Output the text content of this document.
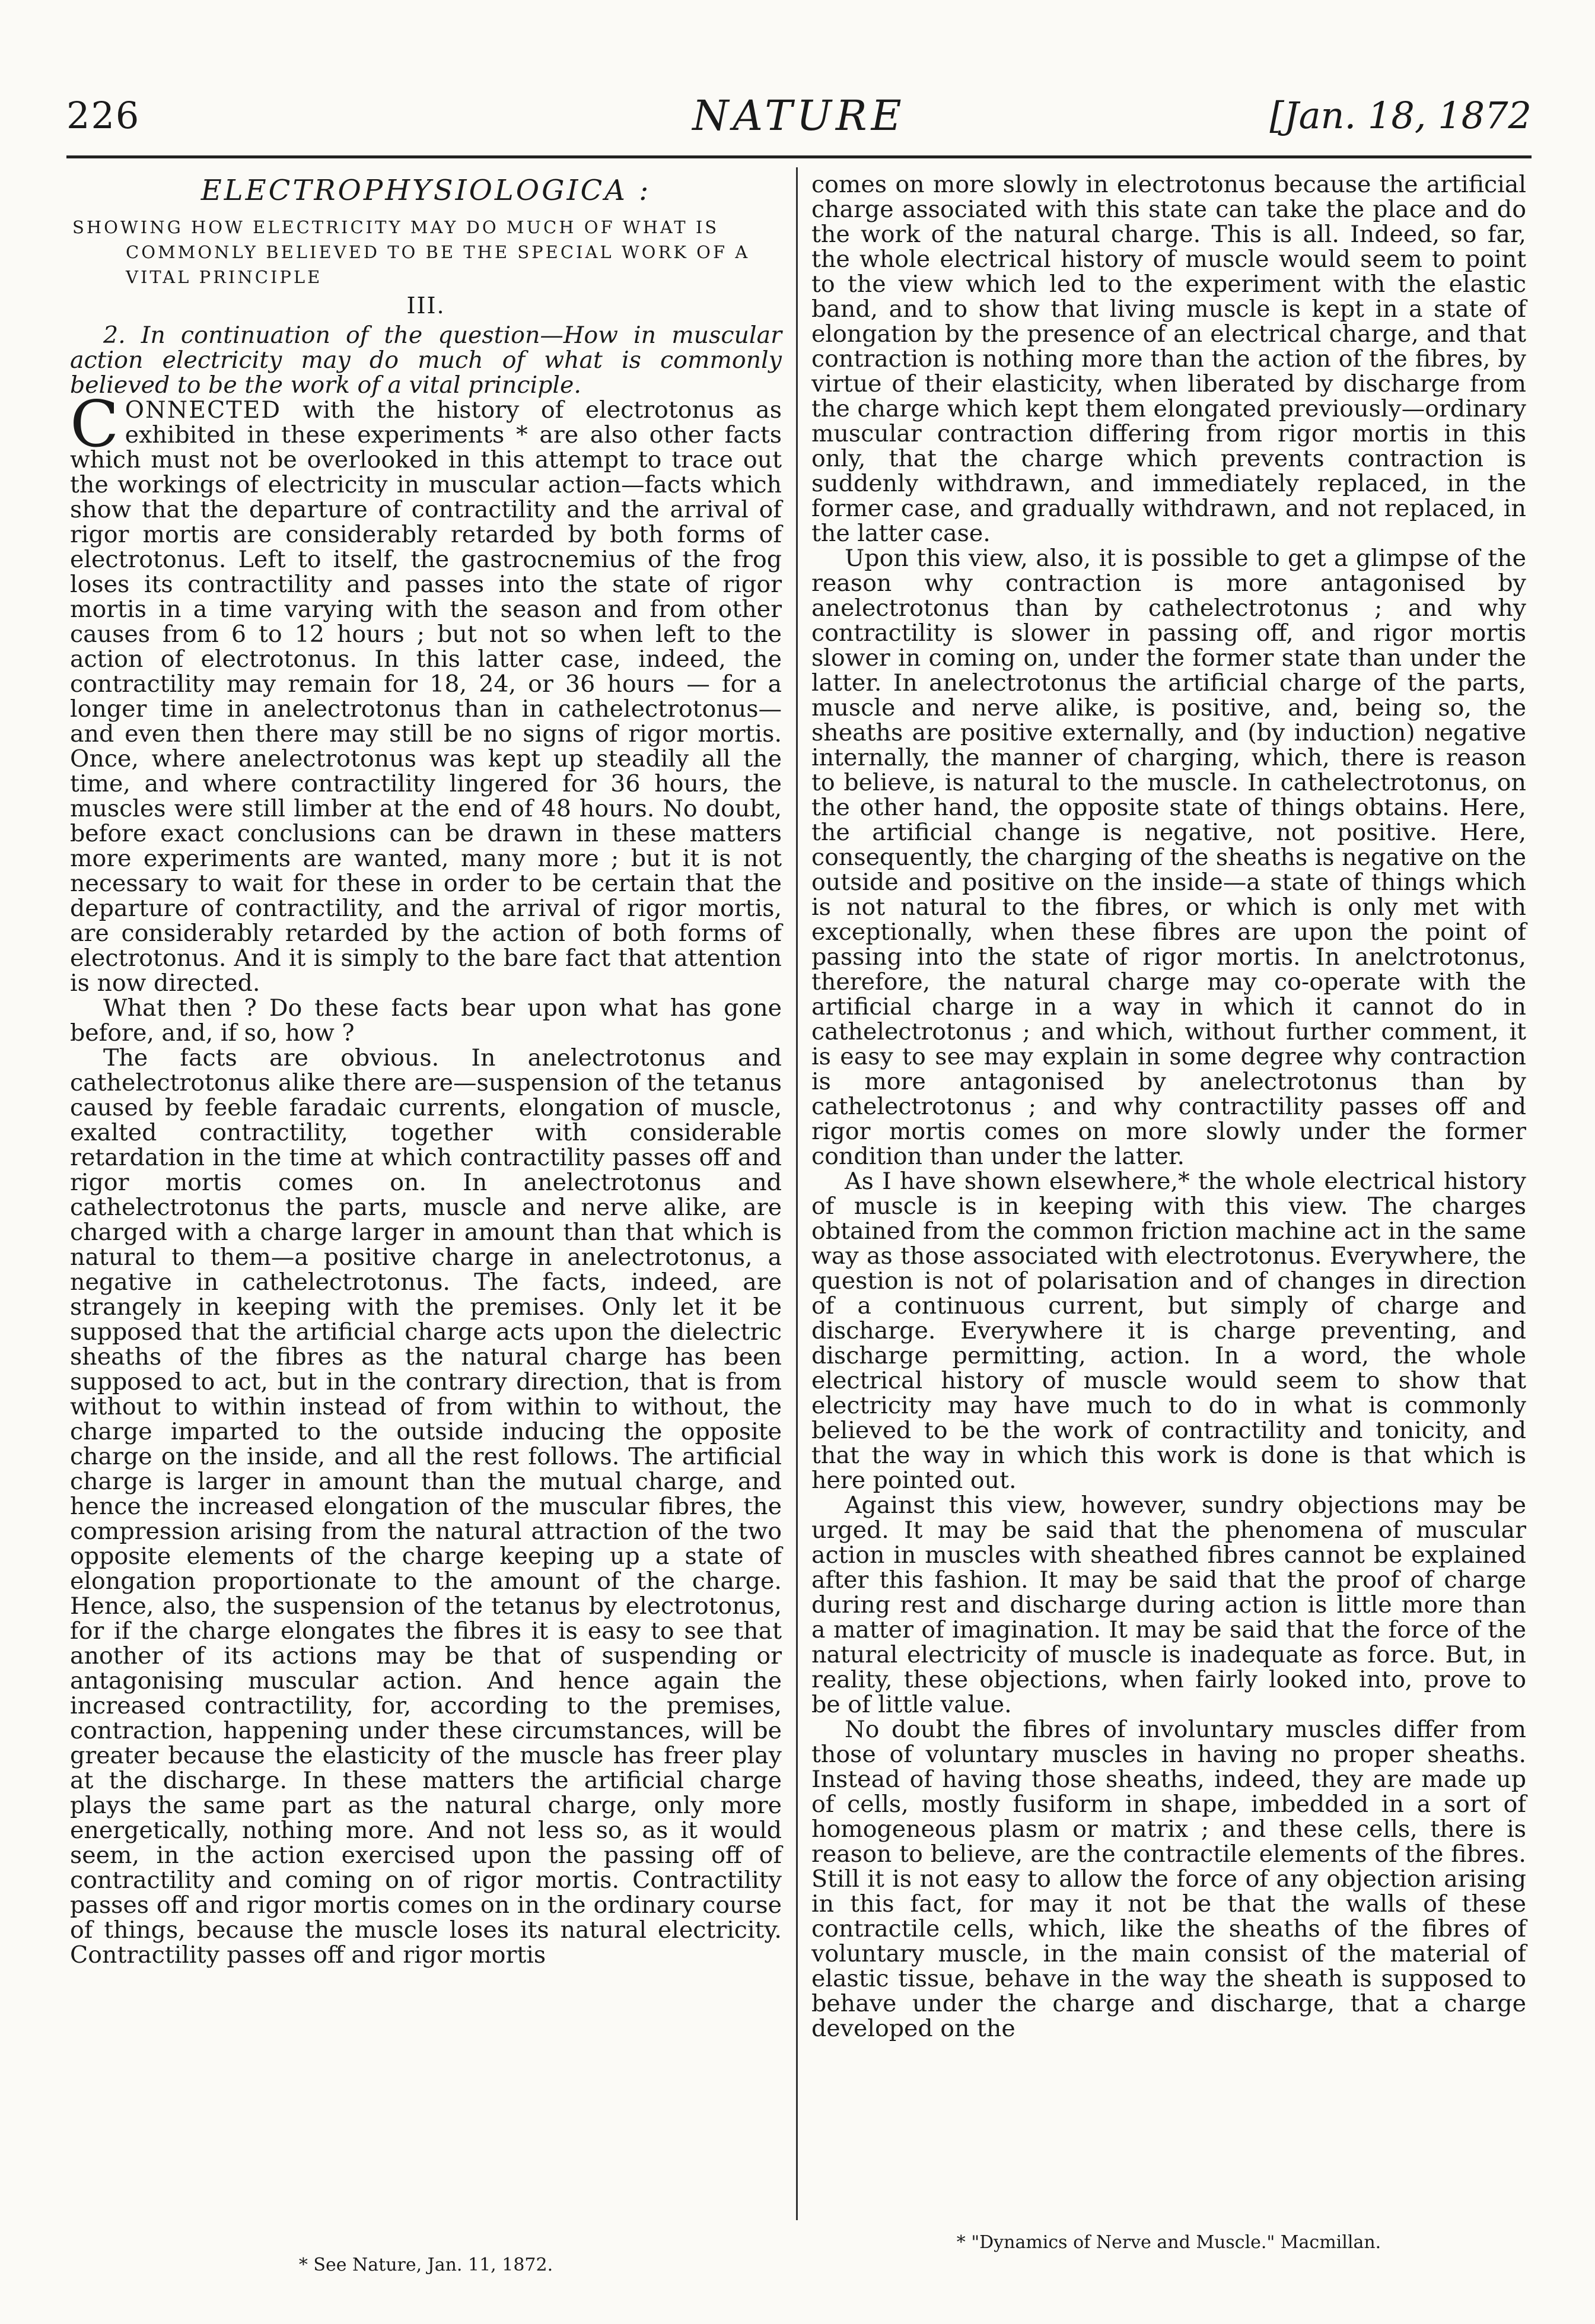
226	NATURE	[Jan. 18, 1872
ELECTROPHYSIOLOGICA :
SHOWING HOW ELECTRICITY MAY DO MUCH OF WHAT IS

COMMONLY BELIEVED TO BE THE SPECIAL WORK OF A
VITAL PRINCIPLE
III.

2. In continuation of the question—How in muscular action electricity may do much of what is commonly believed to be the work of a vital principle.

CONNECTED with the history of electrotonus as exhibited in these experiments * are also other facts which must not be overlooked in this attempt to trace out the workings of electricity in muscular action—facts which show that the departure of contractility and the arrival of rigor mortis are considerably retarded by both forms of electrotonus. Left to itself, the gastrocnemius of the frog loses its contractility and passes into the state of rigor mortis in a time varying with the season and from other causes from 6 to 12 hours ; but not so when left to the action of electrotonus. In this latter case, indeed, the contractility may remain for 18, 24, or 36 hours — for a longer time in anelectrotonus than in cathelectrotonus—and even then there may still be no signs of rigor mortis. Once, where anelectrotonus was kept up steadily all the time, and where contractility lingered for 36 hours, the muscles were still limber at the end of 48 hours. No doubt, before exact conclusions can be drawn in these matters more experiments are wanted, many more ; but it is not necessary to wait for these in order to be certain that the departure of contractility, and the arrival of rigor mortis, are considerably retarded by the action of both forms of electrotonus. And it is simply to the bare fact that attention is now directed.

What then ? Do these facts bear upon what has gone before, and, if so, how ?

The facts are obvious. In anelectrotonus and cathelectrotonus alike there are—suspension of the tetanus caused by feeble faradaic currents, elongation of muscle, exalted contractility, together with considerable retardation in the time at which contractility passes off and rigor mortis comes on. In anelectrotonus and cathelectrotonus the parts, muscle and nerve alike, are charged with a charge larger in amount than that which is natural to them—a positive charge in anelectrotonus, a negative in cathelectrotonus. The facts, indeed, are strangely in keeping with the premises. Only let it be supposed that the artificial charge acts upon the dielectric sheaths of the fibres as the natural charge has been supposed to act, but in the contrary direction, that is from without to within instead of from within to without, the charge imparted to the outside inducing the opposite charge on the inside, and all the rest follows. The artificial charge is larger in amount than the mutual charge, and hence the increased elongation of the muscular fibres, the compression arising from the natural attraction of the two opposite elements of the charge keeping up a state of elongation proportionate to the amount of the charge. Hence, also, the suspension of the tetanus by electrotonus, for if the charge elongates the fibres it is easy to see that another of its actions may be that of suspending or antagonising muscular action. And hence again the increased contractility, for, according to the premises, contraction, happening under these circumstances, will be greater because the elasticity of the muscle has freer play at the discharge. In these matters the artificial charge plays the same part as the natural charge, only more energetically, nothing more. And not less so, as it would seem, in the action exercised upon the passing off of contractility and coming on of rigor mortis. Contractility passes off and rigor mortis comes on in the ordinary course of things, because the muscle loses its natural electricity. Contractility passes off and rigor mortis

* See Nature, Jan. 11, 1872.

comes on more slowly in electrotonus because the artificial charge associated with this state can take the place and do the work of the natural charge. This is all. Indeed, so far, the whole electrical history of muscle would seem to point to the view which led to the experiment with the elastic band, and to show that living muscle is kept in a state of elongation by the presence of an electrical charge, and that contraction is nothing more than the action of the fibres, by virtue of their elasticity, when liberated by discharge from the charge which kept them elongated previously—ordinary muscular contraction differing from rigor mortis in this only, that the charge which prevents contraction is suddenly withdrawn, and immediately replaced, in the former case, and gradually withdrawn, and not replaced, in the latter case.

Upon this view, also, it is possible to get a glimpse of the reason why contraction is more antagonised by anelectrotonus than by cathelectrotonus ; and why contractility is slower in passing off, and rigor mortis slower in coming on, under the former state than under the latter. In anelectrotonus the artificial charge of the parts, muscle and nerve alike, is positive, and, being so, the sheaths are positive externally, and (by induction) negative internally, the manner of charging, which, there is reason to believe, is natural to the muscle. In cathelectrotonus, on the other hand, the opposite state of things obtains. Here, the artificial change is negative, not positive. Here, consequently, the charging of the sheaths is negative on the outside and positive on the inside—a state of things which is not natural to the fibres, or which is only met with exceptionally, when these fibres are upon the point of passing into the state of rigor mortis. In anelctrotonus, therefore, the natural charge may co-operate with the artificial charge in a way in which it cannot do in cathelectrotonus ; and which, without further comment, it is easy to see may explain in some degree why contraction is more antagonised by anelectrotonus than by cathelectrotonus ; and why contractility passes off and rigor mortis comes on more slowly under the former condition than under the latter.

As I have shown elsewhere,* the whole electrical history of muscle is in keeping with this view. The charges obtained from the common friction machine act in the same way as those associated with electrotonus. Everywhere, the question is not of polarisation and of changes in direction of a continuous current, but simply of charge and discharge. Everywhere it is charge preventing, and discharge permitting, action. In a word, the whole electrical history of muscle would seem to show that electricity may have much to do in what is commonly believed to be the work of contractility and tonicity, and that the way in which this work is done is that which is here pointed out.

Against this view, however, sundry objections may be urged. It may be said that the phenomena of muscular action in muscles with sheathed fibres cannot be explained after this fashion. It may be said that the proof of charge during rest and discharge during action is little more than a matter of imagination. It may be said that the force of the natural electricity of muscle is inadequate as force. But, in reality, these objections, when fairly looked into, prove to be of little value.

No doubt the fibres of involuntary muscles differ from those of voluntary muscles in having no proper sheaths. Instead of having those sheaths, indeed, they are made up of cells, mostly fusiform in shape, imbedded in a sort of homogeneous plasm or matrix ; and these cells, there is reason to believe, are the contractile elements of the fibres. Still it is not easy to allow the force of any objection arising in this fact, for may it not be that the walls of these contractile cells, which, like the sheaths of the fibres of voluntary muscle, in the main consist of the material of elastic tissue, behave in the way the sheath is supposed to behave under the charge and discharge, that a charge developed on the

* "Dynamics of Nerve and Muscle." Macmillan.
